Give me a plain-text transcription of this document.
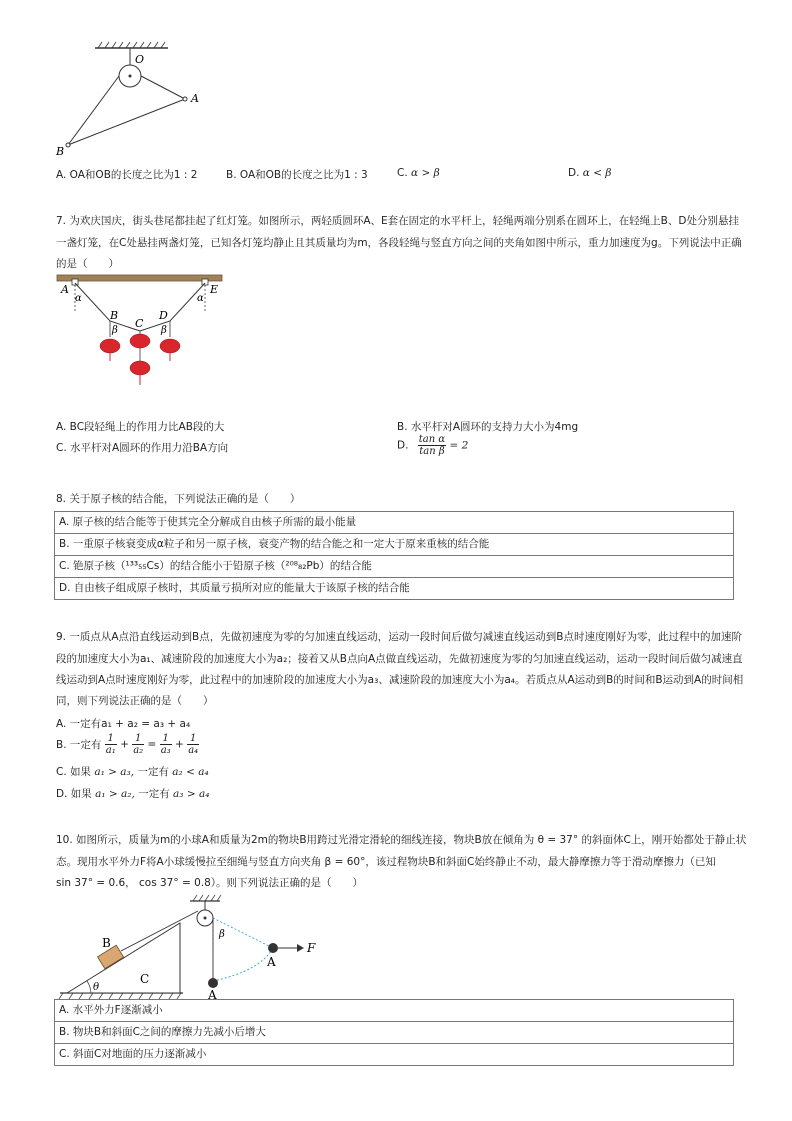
O
A
B
A. OA和OB的长度之比为1 : 2	B. OA和OB的长度之比为1 : 3	C. α > β	D. α < β
7. 为欢庆国庆，街头巷尾都挂起了红灯笼。如图所示，两轻质圆环A、E套在固定的水平杆上，轻绳两端分别系在圆环上，在轻绳上B、D处分别悬挂
一盏灯笼，在C处悬挂两盏灯笼，已知各灯笼均静止且其质量均为m，各段轻绳与竖直方向之间的夹角如图中所示，重力加速度为g。下列说法中正确
的是（　　）
A	E
α	α
B
C
D
β	β
A. BC段轻绳上的作用力比AB段的大	B. 水平杆对A圆环的支持力大小为4mg
C. 水平杆对A圆环的作用力沿BA方向	D. $\frac{\text{tan α}}{\text{tan β}} = 2$
8. 关于原子核的结合能，下列说法正确的是（　　）
A. 原子核的结合能等于使其完全分解成自由核子所需的最小能量
B. 一重原子核衰变成α粒子和另一原子核，衰变产物的结合能之和一定大于原来重核的结合能
C. 铯原子核（¹³³₅₅Cs）的结合能小于铅原子核（²⁰⁸₈₂Pb）的结合能
D. 自由核子组成原子核时，其质量亏损所对应的能量大于该原子核的结合能
9. 一质点从A点沿直线运动到B点，先做初速度为零的匀加速直线运动，运动一段时间后做匀减速直线运动到B点时速度刚好为零，此过程中的加速阶
段的加速度大小为a₁、减速阶段的加速度大小为a₂；接着又从B点向A点做直线运动，先做初速度为零的匀加速直线运动，运动一段时间后做匀减速直
线运动到A点时速度刚好为零，此过程中的加速阶段的加速度大小为a₃、减速阶段的加速度大小为a₄。若质点从A运动到B的时间和B运动到A的时间相
同，则下列说法正确的是（　　）
A. 一定有a₁ + a₂ = a₃ + a₄
B. 一定有 $\frac{1}{\text{a₁}} + \frac{1}{\text{a₂}} = \frac{1}{\text{a₃}} + \frac{1}{\text{a₄}}$
C. 如果 a₁ > a₃, 一定有 a₂ < a₄
D. 如果 a₁ > a₂, 一定有 a₃ > a₄
10. 如图所示，质量为m的小球A和质量为2m的物块B用跨过光滑定滑轮的细线连接，物块B放在倾角为 θ = 37° 的斜面体C上，刚开始都处于静止状
态。现用水平外力F将A小球缓慢拉至细绳与竖直方向夹角 β = 60°，该过程物块B和斜面C始终静止不动，最大静摩擦力等于滑动摩擦力（已知
sin 37° = 0.6， cos 37° = 0.8）。则下列说法正确的是（　　）
B
C
θ
β
A
A
F
A. 水平外力F逐渐减小
B. 物块B和斜面C之间的摩擦力先减小后增大
C. 斜面C对地面的压力逐渐减小
